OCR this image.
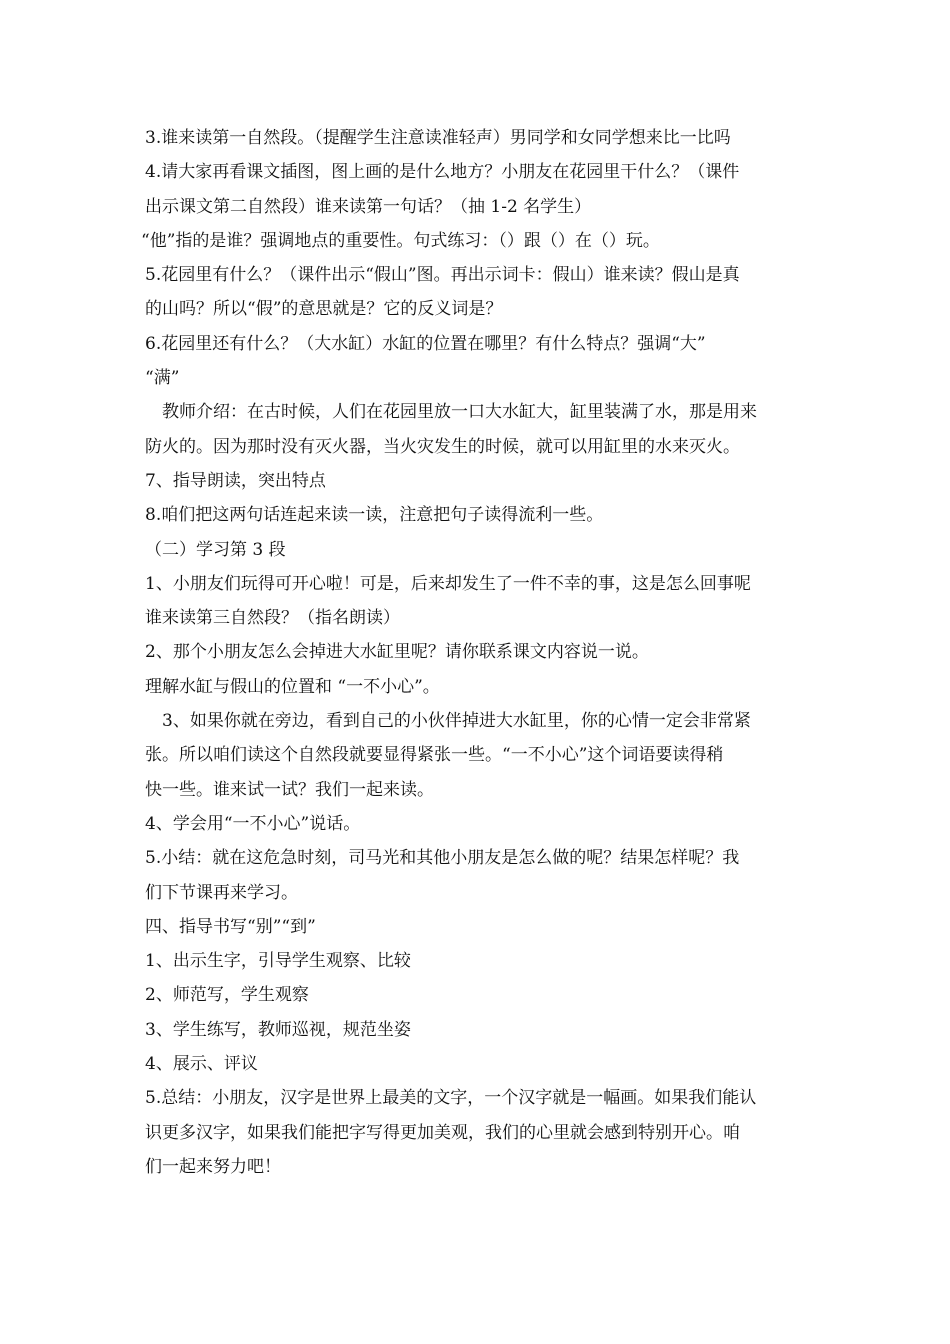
3.谁来读第一自然段。（提醒学生注意读准轻声）男同学和女同学想来比一比吗
4.请大家再看课文插图，图上画的是什么地方？小朋友在花园里干什么？（课件
出示课文第二自然段）谁来读第一句话？（抽 1-2 名学生）
“他”指的是谁？强调地点的重要性。句式练习：（）跟（）在（）玩。
5.花园里有什么？（课件出示“假山”图。再出示词卡：假山）谁来读？假山是真
的山吗？所以“假”的意思就是？它的反义词是？
6.花园里还有什么？（大水缸）水缸的位置在哪里？有什么特点？强调“大”
“满”
教师介绍：在古时候，人们在花园里放一口大水缸大，缸里装满了水，那是用来
防火的。因为那时没有灭火器，当火灾发生的时候，就可以用缸里的水来灭火。
7、指导朗读，突出特点
8.咱们把这两句话连起来读一读，注意把句子读得流利一些。
（二）学习第 3 段
1、小朋友们玩得可开心啦！可是，后来却发生了一件不幸的事，这是怎么回事呢
谁来读第三自然段？（指名朗读）
2、那个小朋友怎么会掉进大水缸里呢？请你联系课文内容说一说。
理解水缸与假山的位置和 “一不小心”。
3、如果你就在旁边，看到自己的小伙伴掉进大水缸里，你的心情一定会非常紧
张。所以咱们读这个自然段就要显得紧张一些。“一不小心”这个词语要读得稍
快一些。谁来试一试？我们一起来读。
4、学会用“一不小心”说话。
5.小结：就在这危急时刻，司马光和其他小朋友是怎么做的呢？结果怎样呢？我
们下节课再来学习。
四、指导书写“别”“到”
1、出示生字，引导学生观察、比较
2、师范写，学生观察
3、学生练写，教师巡视，规范坐姿
4、展示、评议
5.总结：小朋友，汉字是世界上最美的文字，一个汉字就是一幅画。如果我们能认
识更多汉字，如果我们能把字写得更加美观，我们的心里就会感到特别开心。咱
们一起来努力吧！
